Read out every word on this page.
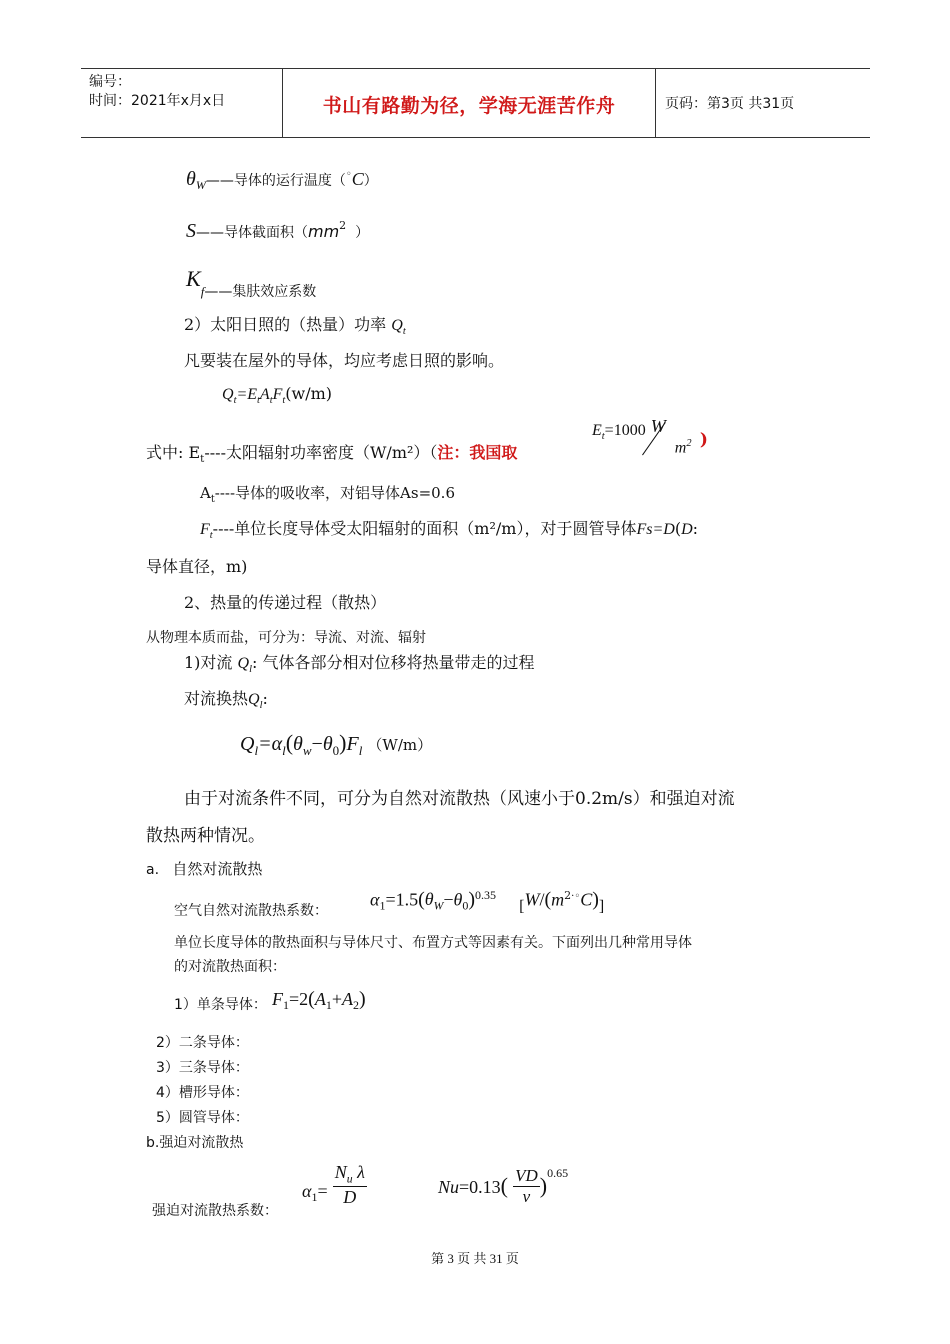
编号：
时间：2021年x月x日	书山有路勤为径，学海无涯苦作舟	页码：第3页 共31页
$\theta_W——$导体的运行温度（◦C）
S——导体截面积（$mm^2$  ）
$K_f——$集肤效应系数
2）太阳日照的（热量）功率 $Q_t$
凡要装在屋外的导体，均应考虑日照的影响。
$Q_t=E_tA_tF_t(w/m)$
式中: $E_t----$太阳辐射功率密度（W/m²）（注：我国取
$E_t=1000$ W
$m^2$ )
$A_t----$导体的吸收率，对铝导体As=0.6
$F_t----$单位长度导体受太阳辐射的面积（m²/m），对于圆管导体Fs=D(D:
导体直径，m)
2、热量的传递过程（散热）
从物理本质而盐，可分为：导流、对流、辐射
1)对流 $Q_l$: 气体各部分相对位移将热量带走的过程
对流换热$Q_l$:
$Q_l=\alpha_l(\theta_w-\theta_0)F_l$ （W/m）
由于对流条件不同，可分为自然对流散热（风速小于0.2m/s）和强迫对流
散热两种情况。
a. 自然对流散热
空气自然对流散热系数：
$\alpha_1=1.5(\theta_W-\theta_0)^{0.35}$ $[W/(m^{2\cdot◦}C)]$
单位长度导体的散热面积与导体尺寸、布置方式等因素有关。下面列出几种常用导体
的对流散热面积：
1）单条导体： $F_1=2(A_1+A_2)$
2）二条导体：
3）三条导体：
4）槽形导体：
5）圆管导体：
b.强迫对流散热
强迫对流散热系数：
$\alpha_1= \frac{N_u \lambda}{D}$	$Nu=0.13( \frac{VD}{\nu} )^{0.65}$
第 3 页 共 31 页
